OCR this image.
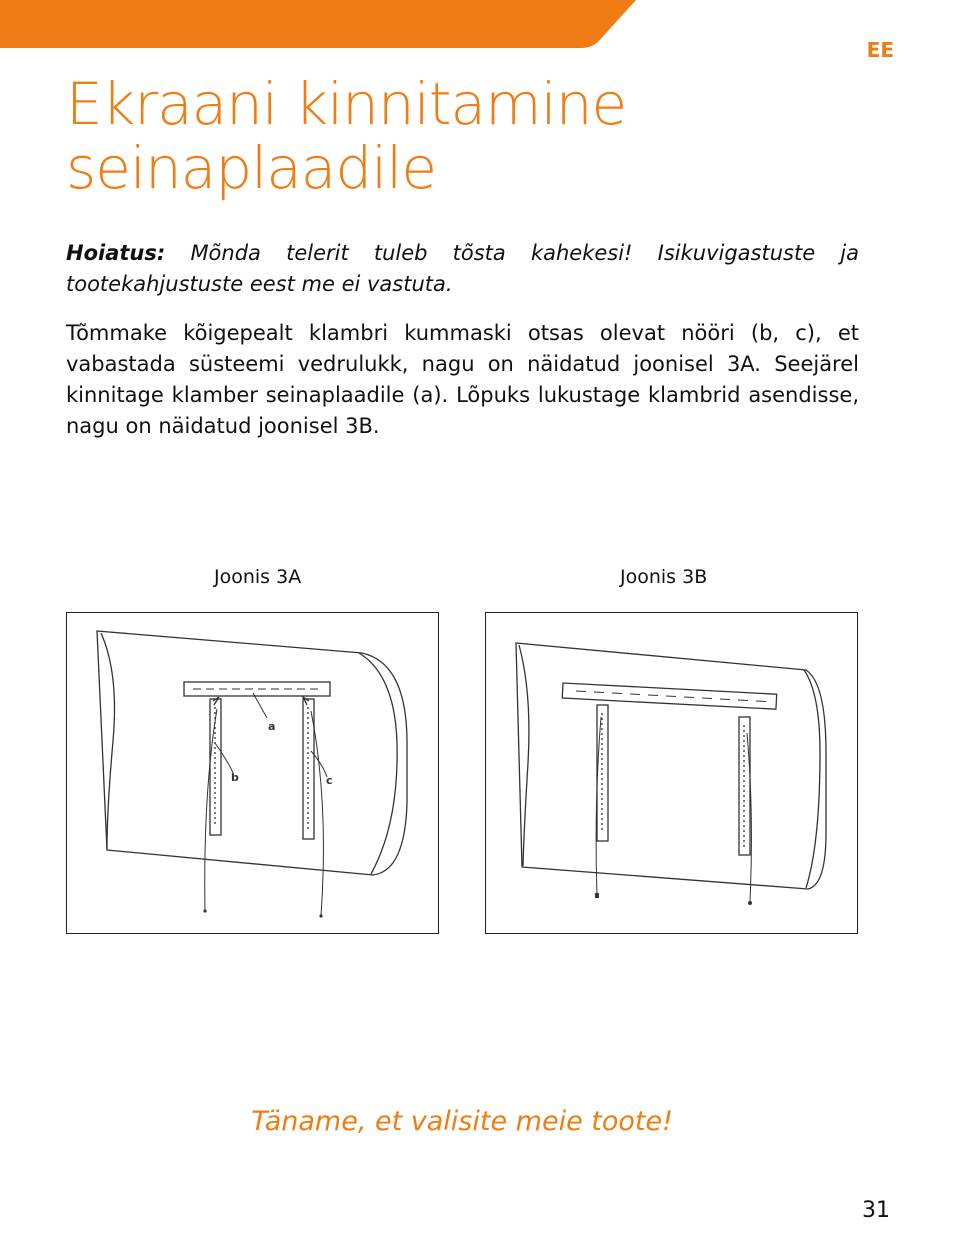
EE
Ekraani kinnitamine
seinaplaadile

Hoiatus: Mõnda telerit tuleb tõsta kahekesi! Isikuvigastuste ja tootekahjustuste eest me ei vastuta.

Tõmmake kõigepealt klambri kummaski otsas olevat nööri (b, c), et vabastada süsteemi vedrulukk, nagu on näidatud joonisel 3A. Seejärel kinnitage klamber seinaplaadile (a). Lõpuks lukustage klambrid asendisse, nagu on näidatud joonisel 3B.

Joonis 3A	Joonis 3B
a
b	c
Täname, et valisite meie toote!
31
